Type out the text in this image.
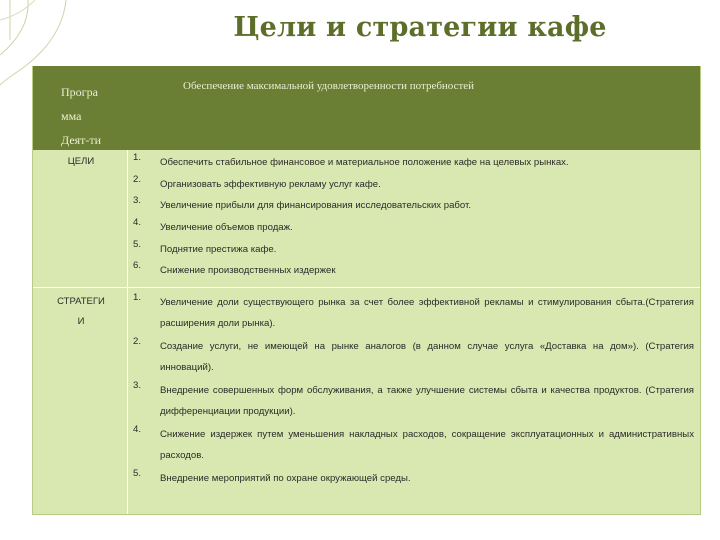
Цели и стратегии кафе
Програ
мма
Деят-ти
Обеспечение максимальной удовлетворенности потребностей
ЦЕЛИ	1.	Обеспечить стабильное финансовое и материальное положение кафе на целевых рынках.
2.	Организовать эффективную рекламу услуг кафе.
3.	Увеличение прибыли для финансирования исследовательских работ.
4.	Увеличение объемов продаж.
5.	Поднятие престижа кафе.
6.	Снижение производственных издержек
СТРАТЕГИ
И
1.	Увеличение доли существующего рынка за счет более эффективной рекламы и стимулирования сбыта.(Стратегия расширения доли рынка).
2.	Создание услуги, не имеющей на рынке аналогов (в данном случае услуга «Доставка на дом»). (Стратегия инноваций).
3.	Внедрение совершенных форм обслуживания, а также улучшение системы сбыта и качества продуктов. (Стратегия дифференциации продукции).
4.	Снижение издержек путем уменьшения накладных расходов, сокращение эксплуатационных и административных расходов.
5.	Внедрение мероприятий по охране окружающей среды.
